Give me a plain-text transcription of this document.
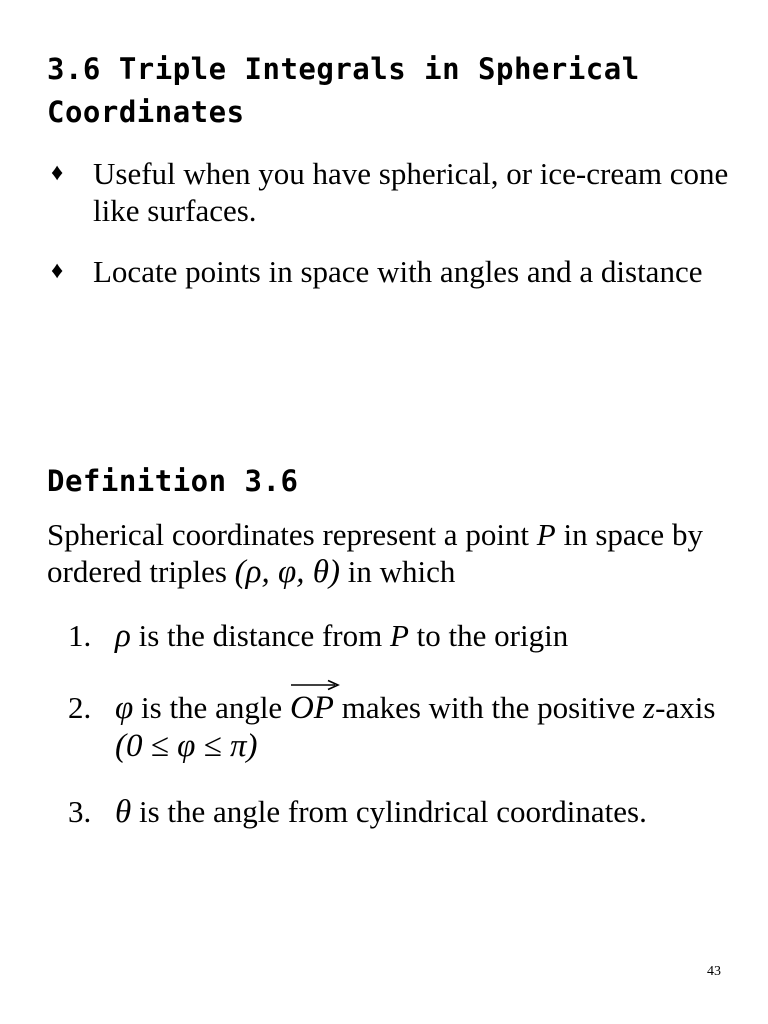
3.6 Triple Integrals in Spherical Coordinates
♦ Useful when you have spherical, or ice-cream cone like surfaces.
♦ Locate points in space with angles and a distance
Definition 3.6

Spherical coordinates represent a point P in space by ordered triples (ρ, φ, θ) in which

1. ρ is the distance from P to the origin
2. φ is the angle
OP makes with the positive z-axis (0 ≤ φ ≤ π)
3. θ is the angle from cylindrical coordinates.
43
